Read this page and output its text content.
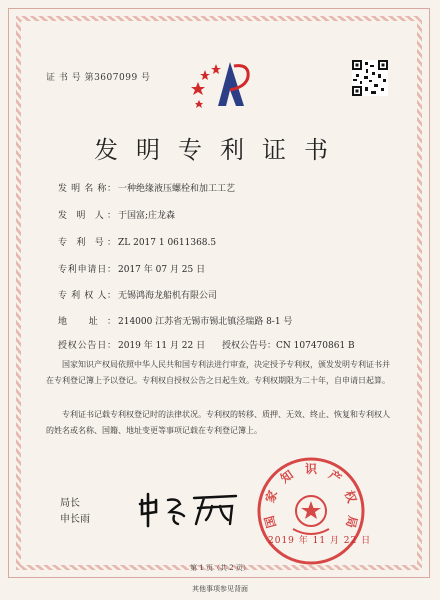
证 书 号 第3607099 号
发明专利证书
发 明 名 称： 一种绝缘液压螺栓和加工工艺
发 明 人： 于国富;庄龙森
专 利 号： ZL 2017 1 0611368.5
专利申请日： 2017 年 07 月 25 日
专 利 权 人： 无锡鸿海龙船机有限公司
地 址： 214000 江苏省无锡市锡北镇泾瑞路 8-1 号
授权公告日： 2019 年 11 月 22 日 授权公告号：CN 107470861 B
国家知识产权局依照中华人民共和国专利法进行审查，决定授予专利权，颁发发明专利证书并在专利登记簿上予以登记。专利权自授权公告之日起生效。专利权期限为二十年，自申请日起算。
专利证书记载专利权登记时的法律状况。专利权的转移、质押、无效、终止、恢复和专利权人的姓名或名称、国籍、地址变更等事项记载在专利登记簿上。
局长
申长雨	国
家
知 识 产
权
局
2019 年 11 月 22 日
第 1 页（共 2 页）
其他事项参见背面
